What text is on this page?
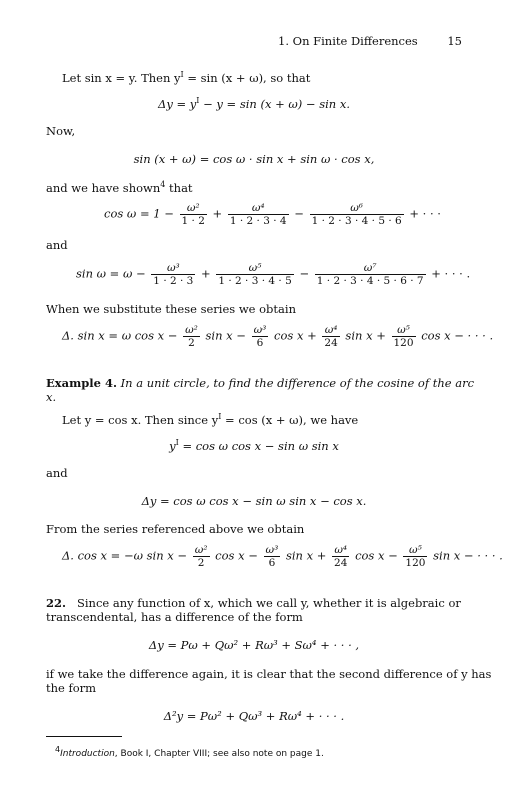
1. On Finite Differences	15
Let sin x = y. Then $y^I = \sin (x + \omega)$, so that
$\Delta y = y^I - y = \sin (x + \omega) - \sin x$.
Now,
sin (x + ω) = cos ω · sin x + sin ω · cos x,
and we have shown$^4$ that
$\cos \omega = 1 - \frac{\text{ω²}}{1 \cdot 2} + \frac{\text{ω⁴}}{1 \cdot 2 \cdot 3 \cdot 4} - \frac{\text{ω⁶}}{1 \cdot 2 \cdot 3 \cdot 4 \cdot 5 \cdot 6}$ + · · ·
and
$\sin \omega = \omega - \frac{\text{ω³}}{1 \cdot 2 \cdot 3} + \frac{\text{ω⁵}}{1 \cdot 2 \cdot 3 \cdot 4 \cdot 5} - \frac{\text{ω⁷}}{1 \cdot 2 \cdot 3 \cdot 4 \cdot 5 \cdot 6 \cdot 7}$ + · · · .
When we substitute these series we obtain
Δ. sin x = ω $\cos x - \frac{\text{ω²}}{2}$ $\sin x - \frac{\text{ω³}}{6}$ $\cos x + \frac{\text{ω⁴}}{24}$ $\sin x + \frac{\text{ω⁵}}{120}$ cos x − · · · .
Example 4. In a unit circle, to find the difference of the cosine of the arc
x.
Let y = cos x. Then since $y^I = \cos (x + \omega)$, we have
$y^I = \cos \omega$ cos x − sin ω sin x
and
Δy = cos ω cos x − sin ω sin x − cos x.
From the series referenced above we obtain
Δ. cos x = −ω $\sin x - \frac{\text{ω²}}{2}$ $\cos x - \frac{\text{ω³}}{6}$ $\sin x + \frac{\text{ω⁴}}{24}$ $\cos x - \frac{\text{ω⁵}}{120}$ sin x − · · · .
22. Since any function of x, which we call y, whether it is algebraic or
transcendental, has a difference of the form
Δy = Pω + Qω² + Rω³ + Sω⁴ + · · · ,
if we take the difference again, it is clear that the second difference of y has
the form
Δ²y = Pω² + Qω³ + Rω⁴ + · · · .
4Introduction, Book I, Chapter VIII; see also note on page 1.
